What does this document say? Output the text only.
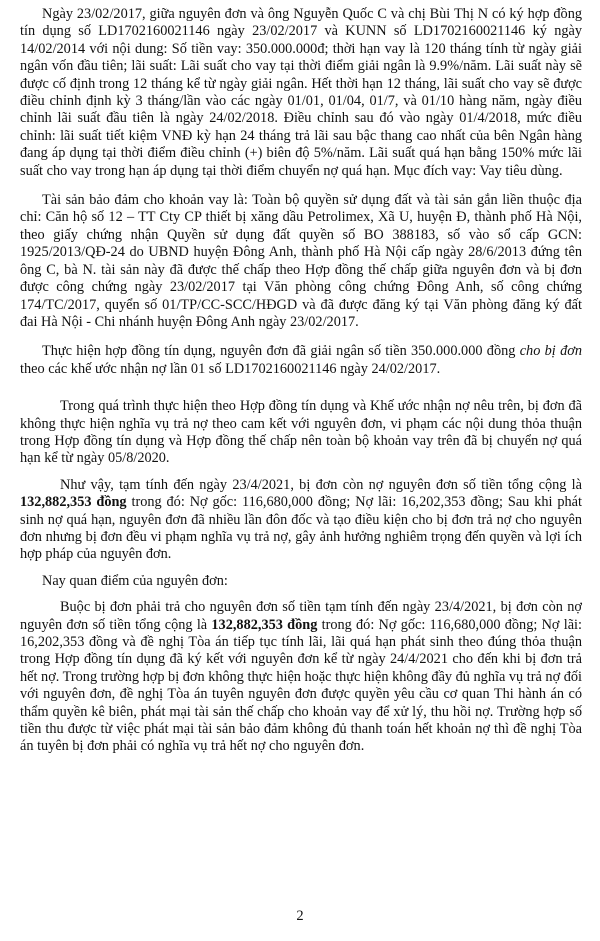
Ngày 23/02/2017, giữa nguyên đơn và ông Nguyễn Quốc C và chị Bùi Thị N có ký hợp đồng tín dụng số LD1702160021146 ngày 23/02/2017 và KUNN số LD1702160021146 ký ngày 14/02/2014 với nội dung: Số tiền vay: 350.000.000đ; thời hạn vay là 120 tháng tính từ ngày giải ngân vốn đầu tiên; lãi suất: Lãi suất cho vay tại thời điểm giải ngân là 9.9%/năm. Lãi suất này sẽ được cố định trong 12 tháng kể từ ngày giải ngân. Hết thời hạn 12 tháng, lãi suất cho vay sẽ được điều chỉnh định kỳ 3 tháng/lần vào các ngày 01/01, 01/04, 01/7, và 01/10 hàng năm, ngày điều chỉnh lãi suất đầu tiên là ngày 24/02/2018. Điều chỉnh sau đó vào ngày 01/4/2018, mức điều chỉnh: lãi suất tiết kiệm VNĐ kỳ hạn 24 tháng trả lãi sau bậc thang cao nhất của bên Ngân hàng đang áp dụng tại thời điểm điều chỉnh (+) biên độ 5%/năm. Lãi suất quá hạn bằng 150% mức lãi suất cho vay trong hạn áp dụng tại thời điểm chuyển nợ quá hạn. Mục đích vay: Vay tiêu dùng.

Tài sản bảo đảm cho khoản vay là: Toàn bộ quyền sử dụng đất và tài sản gắn liền thuộc địa chỉ: Căn hộ số 12 – TT Cty CP thiết bị xăng dầu Petrolimex, Xã U, huyện Đ, thành phố Hà Nội, theo giấy chứng nhận Quyền sử dụng đất quyền số BO 388183, số vào sổ cấp GCN: 1925/2013/QĐ-24 do UBND huyện Đông Anh, thành phố Hà Nội cấp ngày 28/6/2013 đứng tên ông C, bà N. tài sản này đã được thế chấp theo Hợp đồng thế chấp giữa nguyên đơn và bị đơn được công chứng ngày 23/02/2017 tại Văn phòng công chứng Đông Anh, số công chứng 174/TC/2017, quyển số 01/TP/CC-SCC/HĐGD và đã được đăng ký tại Văn phòng đăng ký đất đai Hà Nội - Chi nhánh huyện Đông Anh ngày 23/02/2017.

Thực hiện hợp đồng tín dụng, nguyên đơn đã giải ngân số tiền 350.000.000 đồng cho bị đơn theo các khế ước nhận nợ lần 01 số LD1702160021146 ngày 24/02/2017.

Trong quá trình thực hiện theo Hợp đồng tín dụng và Khế ước nhận nợ nêu trên, bị đơn đã không thực hiện nghĩa vụ trả nợ theo cam kết với nguyên đơn, vi phạm các nội dung thỏa thuận trong Hợp đồng tín dụng và Hợp đồng thế chấp nên toàn bộ khoản vay trên đã bị chuyển nợ quá hạn kể từ ngày 05/8/2020.

Như vậy, tạm tính đến ngày 23/4/2021, bị đơn còn nợ nguyên đơn số tiền tổng cộng là 132,882,353 đồng trong đó: Nợ gốc: 116,680,000 đồng; Nợ lãi: 16,202,353 đồng; Sau khi phát sinh nợ quá hạn, nguyên đơn đã nhiều lần đôn đốc và tạo điều kiện cho bị đơn trả nợ cho nguyên đơn nhưng bị đơn đều vi phạm nghĩa vụ trả nợ, gây ảnh hưởng nghiêm trọng đến quyền và lợi ích hợp pháp của nguyên đơn.

Nay quan điểm của nguyên đơn:

Buộc bị đơn phải trả cho nguyên đơn số tiền tạm tính đến ngày 23/4/2021, bị đơn còn nợ nguyên đơn số tiền tổng cộng là 132,882,353 đồng trong đó: Nợ gốc: 116,680,000 đồng; Nợ lãi: 16,202,353 đồng và đề nghị Tòa án tiếp tục tính lãi, lãi quá hạn phát sinh theo đúng thỏa thuận trong Hợp đồng tín dụng đã ký kết với nguyên đơn kể từ ngày 24/4/2021 cho đến khi bị đơn trả hết nợ. Trong trường hợp bị đơn không thực hiện hoặc thực hiện không đầy đủ nghĩa vụ trả nợ đối với nguyên đơn, đề nghị Tòa án tuyên nguyên đơn được quyền yêu cầu cơ quan Thi hành án có thẩm quyền kê biên, phát mại tài sản thế chấp cho khoản vay để xử lý, thu hồi nợ. Trường hợp số tiền thu được từ việc phát mại tài sản bảo đảm không đủ thanh toán hết khoản nợ thì đề nghị Tòa án tuyên bị đơn phải có nghĩa vụ trả hết nợ cho nguyên đơn.

2
